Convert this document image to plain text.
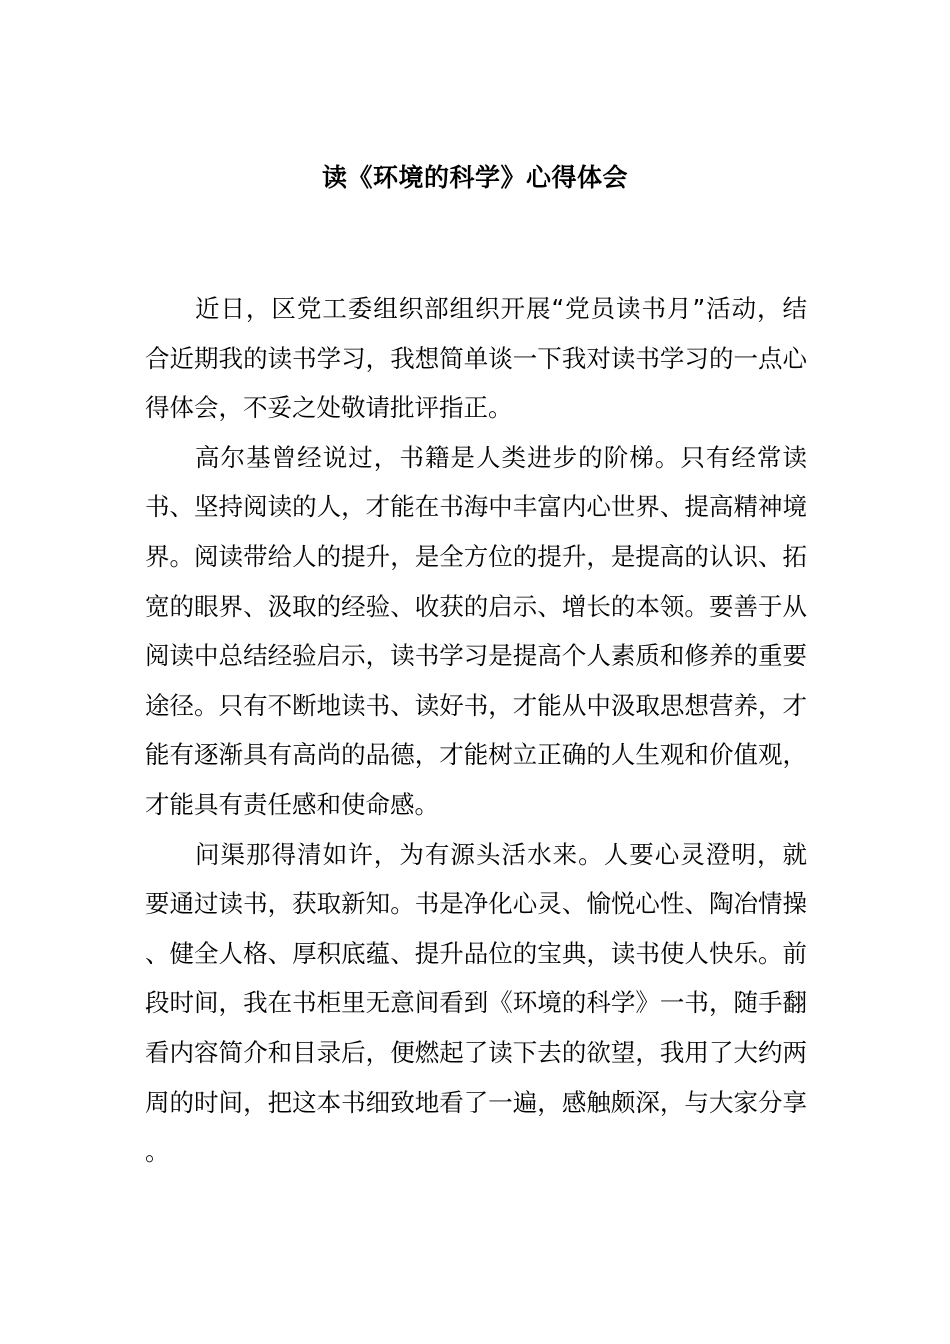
读《环境的科学》心得体会

近日，区党工委组织部组织开展“党员读书月”活动，结合近期我的读书学习，我想简单谈一下我对读书学习的一点心得体会，不妥之处敬请批评指正。

高尔基曾经说过，书籍是人类进步的阶梯。只有经常读书、坚持阅读的人，才能在书海中丰富内心世界、提高精神境界。阅读带给人的提升，是全方位的提升，是提高的认识、拓宽的眼界、汲取的经验、收获的启示、增长的本领。要善于从阅读中总结经验启示，读书学习是提高个人素质和修养的重要途径。只有不断地读书、读好书，才能从中汲取思想营养，才能有逐渐具有高尚的品德，才能树立正确的人生观和价值观，才能具有责任感和使命感。

问渠那得清如许，为有源头活水来。人要心灵澄明，就要通过读书，获取新知。书是净化心灵、愉悦心性、陶冶情操、健全人格、厚积底蕴、提升品位的宝典，读书使人快乐。前段时间，我在书柜里无意间看到《环境的科学》一书，随手翻看内容简介和目录后，便燃起了读下去的欲望，我用了大约两周的时间，把这本书细致地看了一遍，感触颇深，与大家分享。
